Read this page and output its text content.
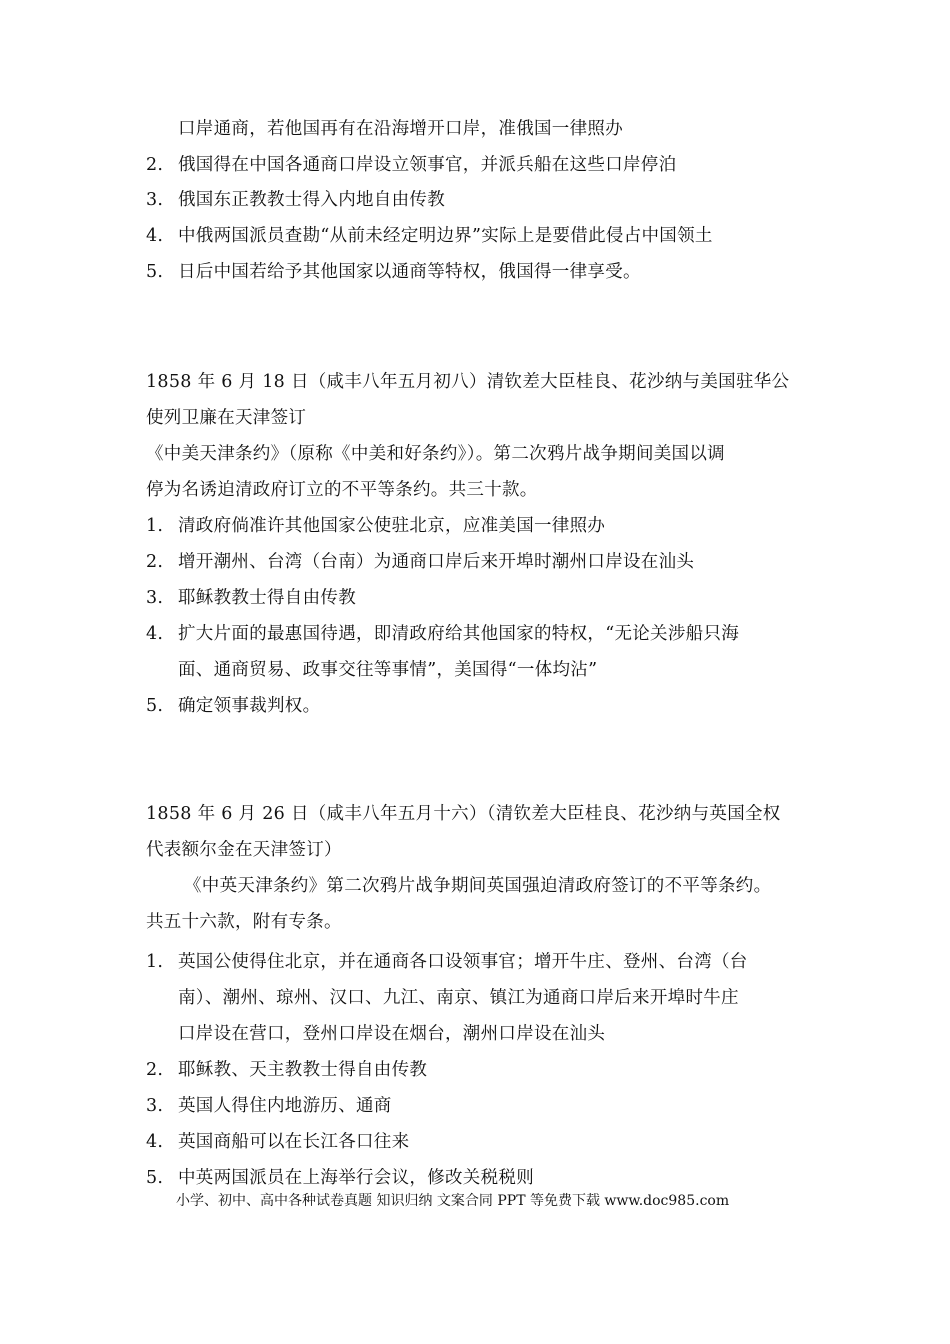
口岸通商，若他国再有在沿海增开口岸，准俄国一律照办
2. 俄国得在中国各通商口岸设立领事官，并派兵船在这些口岸停泊
3. 俄国东正教教士得入内地自由传教
4. 中俄两国派员查勘“从前未经定明边界”实际上是要借此侵占中国领土
5. 日后中国若给予其他国家以通商等特权，俄国得一律享受。
1858 年 6 月 18 日（咸丰八年五月初八）清钦差大臣桂良、花沙纳与美国驻华公
使列卫廉在天津签订
《中美天津条约》（原称《中美和好条约》）。第二次鸦片战争期间美国以调
停为名诱迫清政府订立的不平等条约。共三十款。
1. 清政府倘准许其他国家公使驻北京，应准美国一律照办
2. 增开潮州、台湾（台南）为通商口岸后来开埠时潮州口岸设在汕头
3. 耶稣教教士得自由传教
4. 扩大片面的最惠国待遇，即清政府给其他国家的特权，“无论关涉船只海
面、通商贸易、政事交往等事情”，美国得“一体均沾”
5. 确定领事裁判权。
1858 年 6 月 26 日（咸丰八年五月十六）（清钦差大臣桂良、花沙纳与英国全权
代表额尔金在天津签订）
《中英天津条约》第二次鸦片战争期间英国强迫清政府签订的不平等条约。
共五十六款，附有专条。
1. 英国公使得住北京，并在通商各口设领事官；增开牛庄、登州、台湾（台
南）、潮州、琼州、汉口、九江、南京、镇江为通商口岸后来开埠时牛庄
口岸设在营口，登州口岸设在烟台，潮州口岸设在汕头
2. 耶稣教、天主教教士得自由传教
3. 英国人得住内地游历、通商
4. 英国商船可以在长江各口往来
5. 中英两国派员在上海举行会议，修改关税税则
小学、初中、高中各种试卷真题 知识归纳 文案合同 PPT 等免费下载 www.doc985.com
